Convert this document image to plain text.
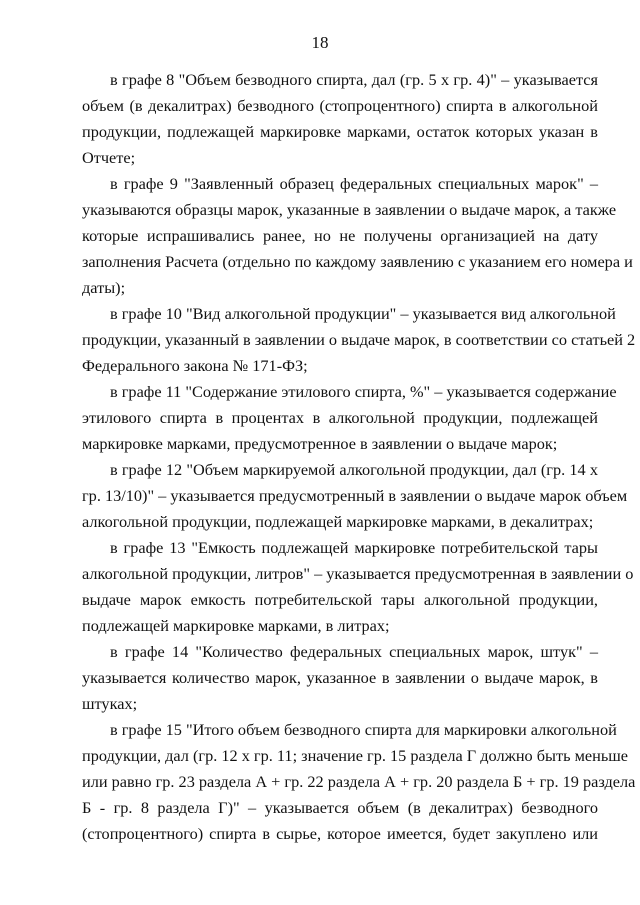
18
в графе 8 "Объем безводного спирта, дал (гр. 5 х гр. 4)" – указывается
объем (в декалитрах) безводного (стопроцентного) спирта в алкогольной
продукции, подлежащей маркировке марками, остаток которых указан в
Отчете;
в графе 9 "Заявленный образец федеральных специальных марок" –
указываются образцы марок, указанные в заявлении о выдаче марок, а также
которые испрашивались ранее, но не получены организацией на дату
заполнения Расчета (отдельно по каждому заявлению с указанием его номера и
даты);
в графе 10 "Вид алкогольной продукции" – указывается вид алкогольной
продукции, указанный в заявлении о выдаче марок, в соответствии со статьей 2
Федерального закона № 171-ФЗ;
в графе 11 "Содержание этилового спирта, %" – указывается содержание
этилового спирта в процентах в алкогольной продукции, подлежащей
маркировке марками, предусмотренное в заявлении о выдаче марок;
в графе 12 "Объем маркируемой алкогольной продукции, дал (гр. 14 х
гр. 13/10)" – указывается предусмотренный в заявлении о выдаче марок объем
алкогольной продукции, подлежащей маркировке марками, в декалитрах;
в графе 13 "Емкость подлежащей маркировке потребительской тары
алкогольной продукции, литров" – указывается предусмотренная в заявлении о
выдаче марок емкость потребительской тары алкогольной продукции,
подлежащей маркировке марками, в литрах;
в графе 14 "Количество федеральных специальных марок, штук" –
указывается количество марок, указанное в заявлении о выдаче марок, в
штуках;
в графе 15 "Итого объем безводного спирта для маркировки алкогольной
продукции, дал (гр. 12 х гр. 11; значение гр. 15 раздела Г должно быть меньше
или равно гр. 23 раздела А + гр. 22 раздела А + гр. 20 раздела Б + гр. 19 раздела
Б - гр. 8 раздела Г)" – указывается объем (в декалитрах) безводного
(стопроцентного) спирта в сырье, которое имеется, будет закуплено или
